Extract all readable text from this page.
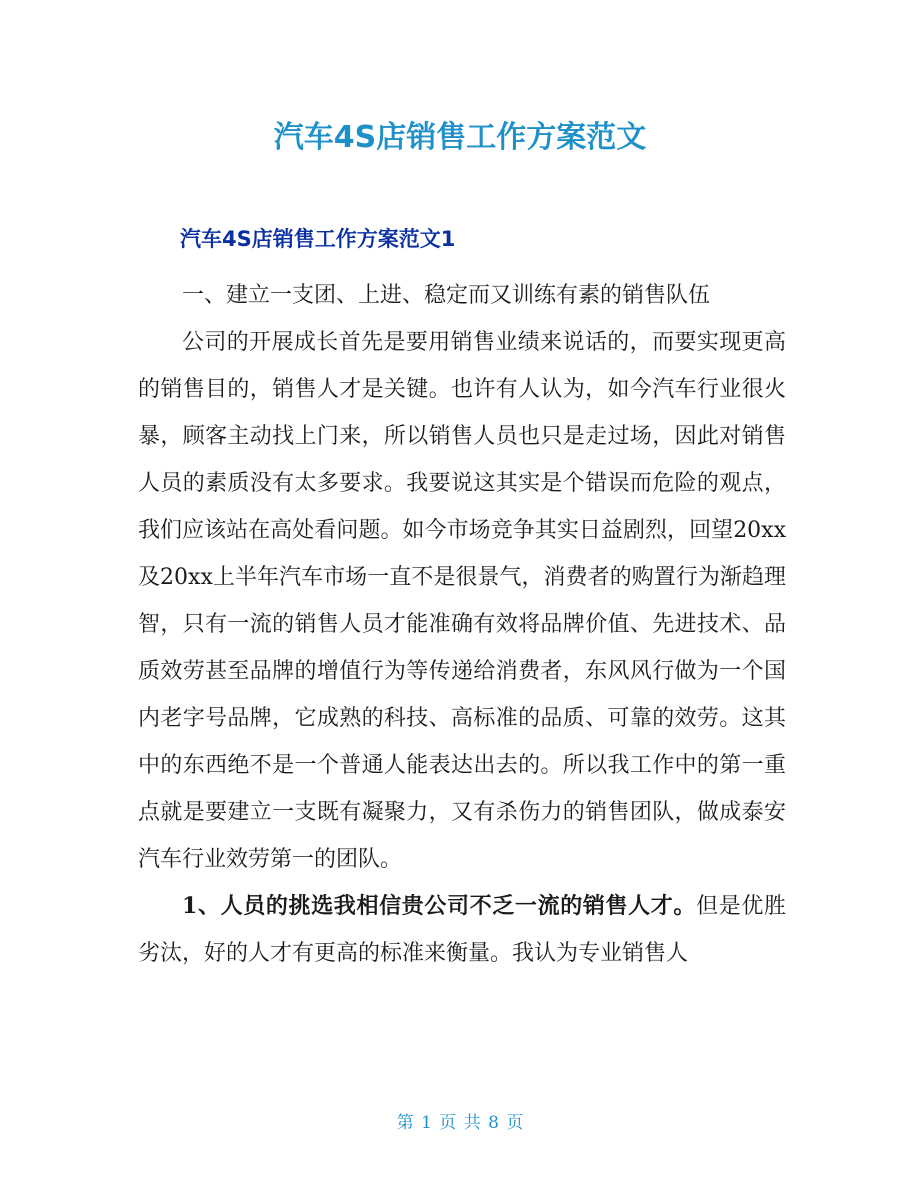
汽车4S店销售工作方案范文
汽车4S店销售工作方案范文1

一、建立一支团、上进、稳定而又训练有素的销售队伍

公司的开展成长首先是要用销售业绩来说话的，而要实现更高的销售目的，销售人才是关键。也许有人认为，如今汽车行业很火暴，顾客主动找上门来，所以销售人员也只是走过场，因此对销售人员的素质没有太多要求。我要说这其实是个错误而危险的观点，我们应该站在高处看问题。如今市场竞争其实日益剧烈，回望20xx及20xx上半年汽车市场一直不是很景气，消费者的购置行为渐趋理智，只有一流的销售人员才能准确有效将品牌价值、先进技术、品质效劳甚至品牌的增值行为等传递给消费者，东风风行做为一个国内老字号品牌，它成熟的科技、高标准的品质、可靠的效劳。这其中的东西绝不是一个普通人能表达出去的。所以我工作中的第一重点就是要建立一支既有凝聚力，又有杀伤力的销售团队，做成泰安汽车行业效劳第一的团队。

1、人员的挑选我相信贵公司不乏一流的销售人才。但是优胜劣汰，好的人才有更高的标准来衡量。我认为专业销售人

第 1 页 共 8 页
